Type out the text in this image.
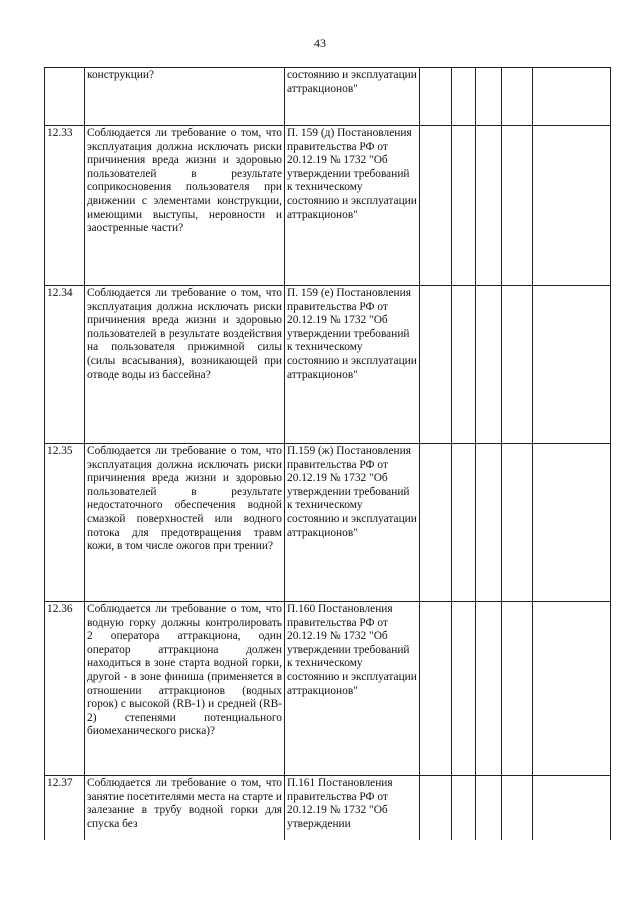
43
	конструкции?	состоянию и эксплуатации аттракционов"					
12.33	Соблюдается ли требование о том, что эксплуатация должна исключать риски причинения вреда жизни и здоровью пользователей в результате соприкосновения пользователя при движении с элементами конструкции, имеющими выступы, неровности и заостренные части?	П. 159 (д) Постановления правительства РФ от 20.12.19 № 1732 "Об утверждении требований к техническому состоянию и эксплуатации аттракционов"					
12.34	Соблюдается ли требование о том, что эксплуатация должна исключать риски причинения вреда жизни и здоровью пользователей в результате воздействия на пользователя прижимной силы (силы всасывания), возникающей при отводе воды из бассейна?	П. 159 (е) Постановления правительства РФ от 20.12.19 № 1732 "Об утверждении требований к техническому состоянию и эксплуатации аттракционов"					
12.35	Соблюдается ли требование о том, что эксплуатация должна исключать риски причинения вреда жизни и здоровью пользователей в результате недостаточного обеспечения водной смазкой поверхностей или водного потока для предотвращения травм кожи, в том числе ожогов при трении?	П.159 (ж) Постановления правительства РФ от 20.12.19 № 1732 "Об утверждении требований к техническому состоянию и эксплуатации аттракционов"					
12.36	Соблюдается ли требование о том, что водную горку должны контролировать 2 оператора аттракциона, один оператор аттракциона должен находиться в зоне старта водной горки, другой - в зоне финиша (применяется в отношении аттракционов (водных горок) с высокой (RB-1) и средней (RB-2) степенями потенциального биомеханического риска)?	П.160 Постановления правительства РФ от 20.12.19 № 1732 "Об утверждении требований к техническому состоянию и эксплуатации аттракционов"					
12.37	Соблюдается ли требование о том, что занятие посетителями места на старте и залезание в трубу водной горки для спуска без	П.161 Постановления правительства РФ от 20.12.19 № 1732 "Об утверждении					
